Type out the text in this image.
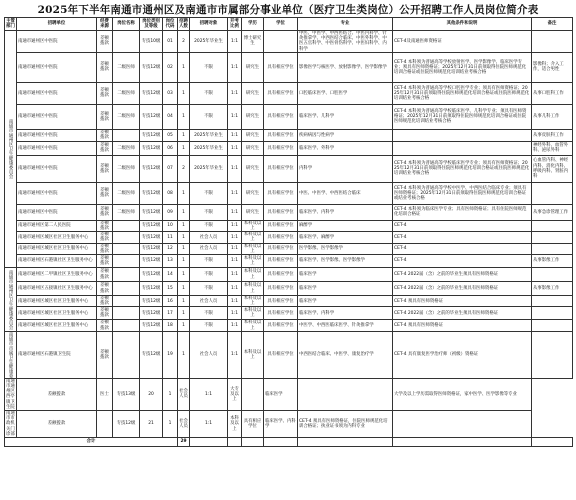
2025年下半年南通市通州区及南通市市属部分事业单位（医疗卫生类岗位）公开招聘工作人员岗位简介表
主管部门	招聘单位	经费来源	岗位名称	岗位类别及等级	岗位代码	招聘人数	招聘对象	开考比例	学历	学位	专业	其他条件和说明	备注
南通市通州区卫生健康委员会	南通市通州区中医院	差额拨款		专技10级	01	2	2025年毕业生	1:1	博士研究生		中医、中医学、中西医结合、中医内科学、针灸推拿学、中西医结合临床、中医外科学、中医五官科学、中医骨伤科学、中医妇科学、内科学	CET-4及南通医师资格证	
	南通市通州区中医院	差额拨款	二级医师	专技12级	02	1	不限	1:1	研究生	具有相应学位	影像医学与核医学、放射影像学、医学影像学	CET-4 本科须为普通高等学校放射医学、医学影像学、临床医学专业；须具有医师资格证；2025年12月31日前须取得住院医师规范化培训合格证或住院医师规范化培训结业考核合格	影像科；介入工作，适合男性
	南通市通州区中医院	差额拨款	二级医师	专技12级	03	1	不限	1:1	研究生	具有相应学位	口腔临床医学、口腔医学	CET-4 本科须为普通高等学校口腔医学专业；须具有医师资格证；2025年12月31日前须取得住院医师规范化培训合格证或住院医师规范化培训结业考核合格	从事口腔科工作
	南通市通州区中医院	差额拨款	二级医师	专技12级	04	1	不限	1:1	研究生	具有相应学位	临床医学、儿科学	CET-4 本科须为普通高等学校临床医学、儿科学专业；须具有医师资格证；2025年12月31日前须取得住院医师规范化培训合格证或住院医师规范化培训结业考核合格	从事儿科工作
	南通市通州区中医院	差额拨款		专技12级	05	1	2025年毕业生	1:1	研究生	具有相应学位	疾病病因与性病学		从事皮肤科工作
	南通市通州区中医院	差额拨款	二级医师	专技12级	06	1	2025年毕业生	1:1	研究生	具有相应学位	临床医学、外科学		神经外科、血管外科、泌尿外科
	南通市通州区中医院	差额拨款	二级医师	专技12级	07	2	2025年毕业生	1:1	研究生	具有相应学位	内科学	CET-4 本科须为普通高等学校临床医学专业；须具有医师资格证；2025年12月31日前须取得住院医师规范化培训合格证或住院医师规范化培训结业考核合格	心血管内科、神经内科、消化内科、呼吸内科、肾脏内科
	南通市通州区中医院	差额拨款	二级医师	专技12级	08	1	不限	1:1	研究生	具有相应学位	中医、中医学、中西医结合临床	CET-4 本科须为普通高等学校中医学、中西医结合临床专业；须具有医师资格证；2025年12月31日前须取得住院医师规范化培训合格证或结业考核合格	
	南通市通州区中医院	差额拨款	二级医师	专技12级	09	1	不限	1:1	研究生	具有相应学位	临床医学、内科学	CET-4 本科须为临床医学专业；具有医师资格证；具有住院医师规范化培训合格证	从事急诊管理工作
	南通市通州区第二人民医院	差额拨款		专技12级	10	1	不限	1:1	本科及以上	具有相应学位	麻醉学	CET-4	
	南通市通州区城区社区卫生服务中心	差额拨款		专技12级	11	1	社会人员	1:1	本科及以上	具有相应学位	临床医学、麻醉学	CET-4	
	南通市通州区城区社区卫生服务中心	差额拨款		专技12级	12	1	社会人员	1:1	本科及以上	具有相应学位	医学影像、医学影像学	CET-4	
	南通市通州区石港镇社区卫生服务中心	差额拨款		专技12级	13	1	不限	1:1	本科及以上	具有相应学位	临床医学、医学影像、医学影像学	CET-4	从事影像工作
南通市通州区卫生健康委员会	南通市通州区二甲镇社区卫生服务中心	差额拨款		专技12级	14	1	不限	1:1	本科及以上	具有相应学位	临床医学	CET-4 2022届（含）之前的毕业生须具有医师资格证	
	南通市通州区五接镇社区卫生服务中心	差额拨款		专技12级	15	1	不限	1:1	本科及以上	具有相应学位	临床医学	CET-4 2022届（含）之前的毕业生须具有医师资格证	从事影像工作
	南通市通州区城区社区卫生服务中心	差额拨款		专技12级	16	1	社会人员	1:1	本科及以上	具有相应学位	临床医学	CET-4 须具有医师资格证	
	南通市通州区城区社区卫生服务中心	差额拨款		专技12级	17	1	不限	1:1	本科及以上	具有相应学位	临床医学、内科学	CET-4 2022届（含）之前的毕业生须具有医师资格证	
	南通市通州区城区社区卫生服务中心	差额拨款		专技12级	18	1	不限	1:1	本科及以上	具有相应学位	中医学、中西医临床医学、针灸推拿学	CET-4 须具有医师资格证	
南通市市属卫生健康委	南通市通州区石港镇卫生院	差额拨款		专技12级	19	1	社会人员	1:1	本科及以上	具有相应学位	中西医结合临床、中医学、康复治疗学	CET-4 具有康复医学治疗师（初级）资格证	
南通市通州区西亭镇卫生院	差额拨款	医士	专技13级	20	1	社会人员	1:1	大专及以上		临床医学		大学及以上学历需取得医师资格证，家中医学、医学影像等专业	
南通市市政机关门诊部	差额拨款		专技12级	21	1	社会人员	1:1	本科及以上	具有相应学位	临床医学、内科学	CET-4 须具有医师资格证，住院医师规范化培训合格证；执业证书须为内科专业		
合计						29							
